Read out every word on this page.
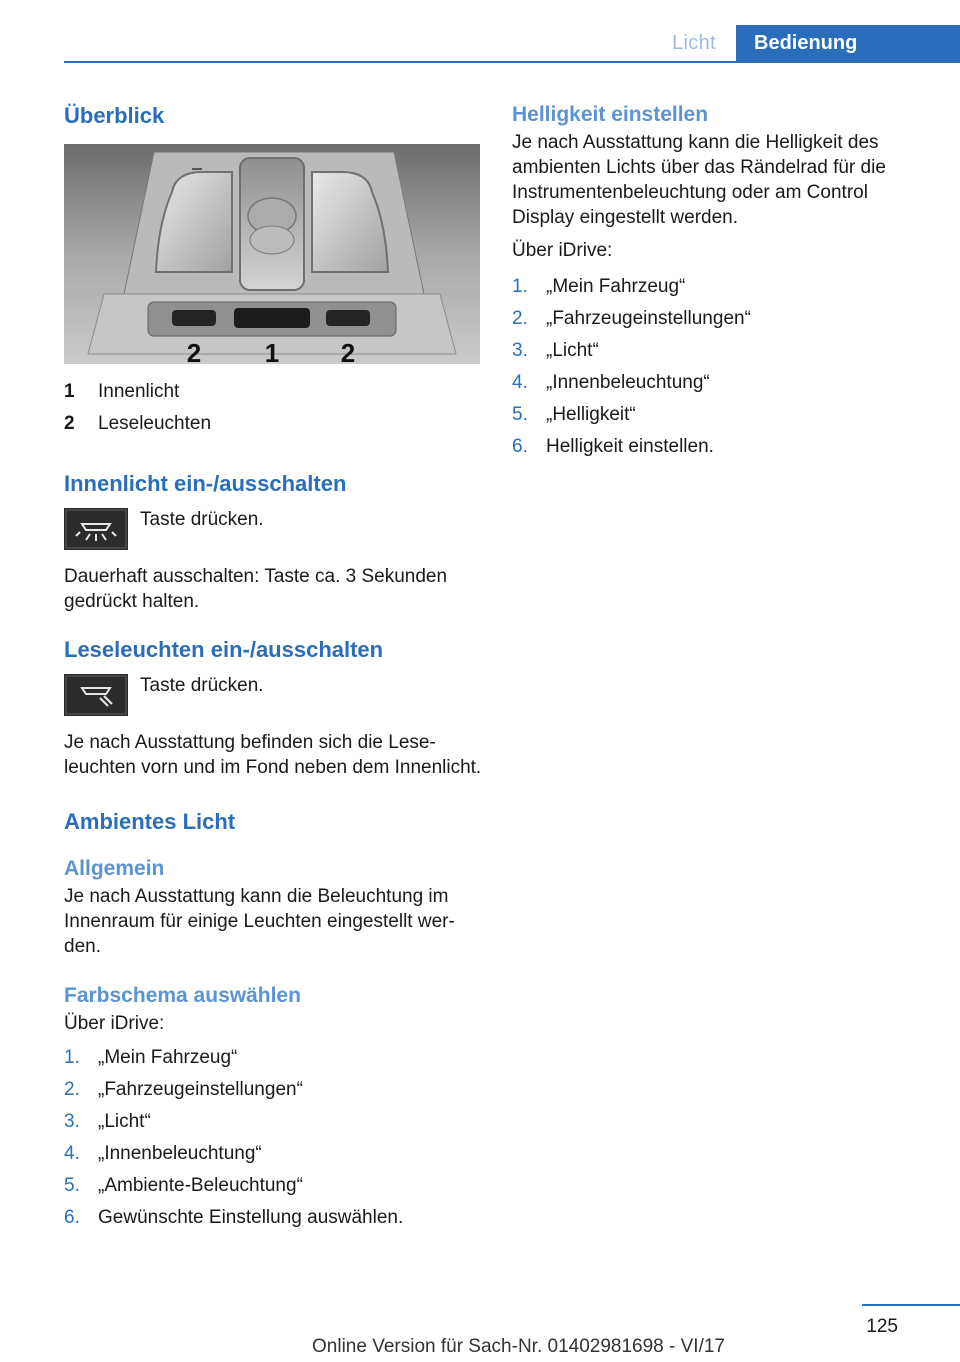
Licht	Bedienung
Überblick
2 1 2
1	Innenlicht
2	Leseleuchten
Innenlicht ein-/ausschalten

Taste drücken.

Dauerhaft ausschalten: Taste ca. 3 Sekunden gedrückt halten.

Leseleuchten ein-/ausschalten

Taste drücken.

Je nach Ausstattung befinden sich die Leseleuchten vorn und im Fond neben dem Innenlicht.

Ambientes Licht
Allgemein

Je nach Ausstattung kann die Beleuchtung im Innenraum für einige Leuchten eingestellt werden.

Farbschema auswählen

Über iDrive:

1. „Mein Fahrzeug“
2. „Fahrzeugeinstellungen“
3. „Licht“
4. „Innenbeleuchtung“
5. „Ambiente-Beleuchtung“
6. Gewünschte Einstellung auswählen.
Helligkeit einstellen

Je nach Ausstattung kann die Helligkeit des ambienten Lichts über das Rändelrad für die Instrumentenbeleuchtung oder am Control Display eingestellt werden.

Über iDrive:

1. „Mein Fahrzeug“
2. „Fahrzeugeinstellungen“
3. „Licht“
4. „Innenbeleuchtung“
5. „Helligkeit“
6. Helligkeit einstellen.
125
Online Version für Sach-Nr. 01402981698 - VI/17
